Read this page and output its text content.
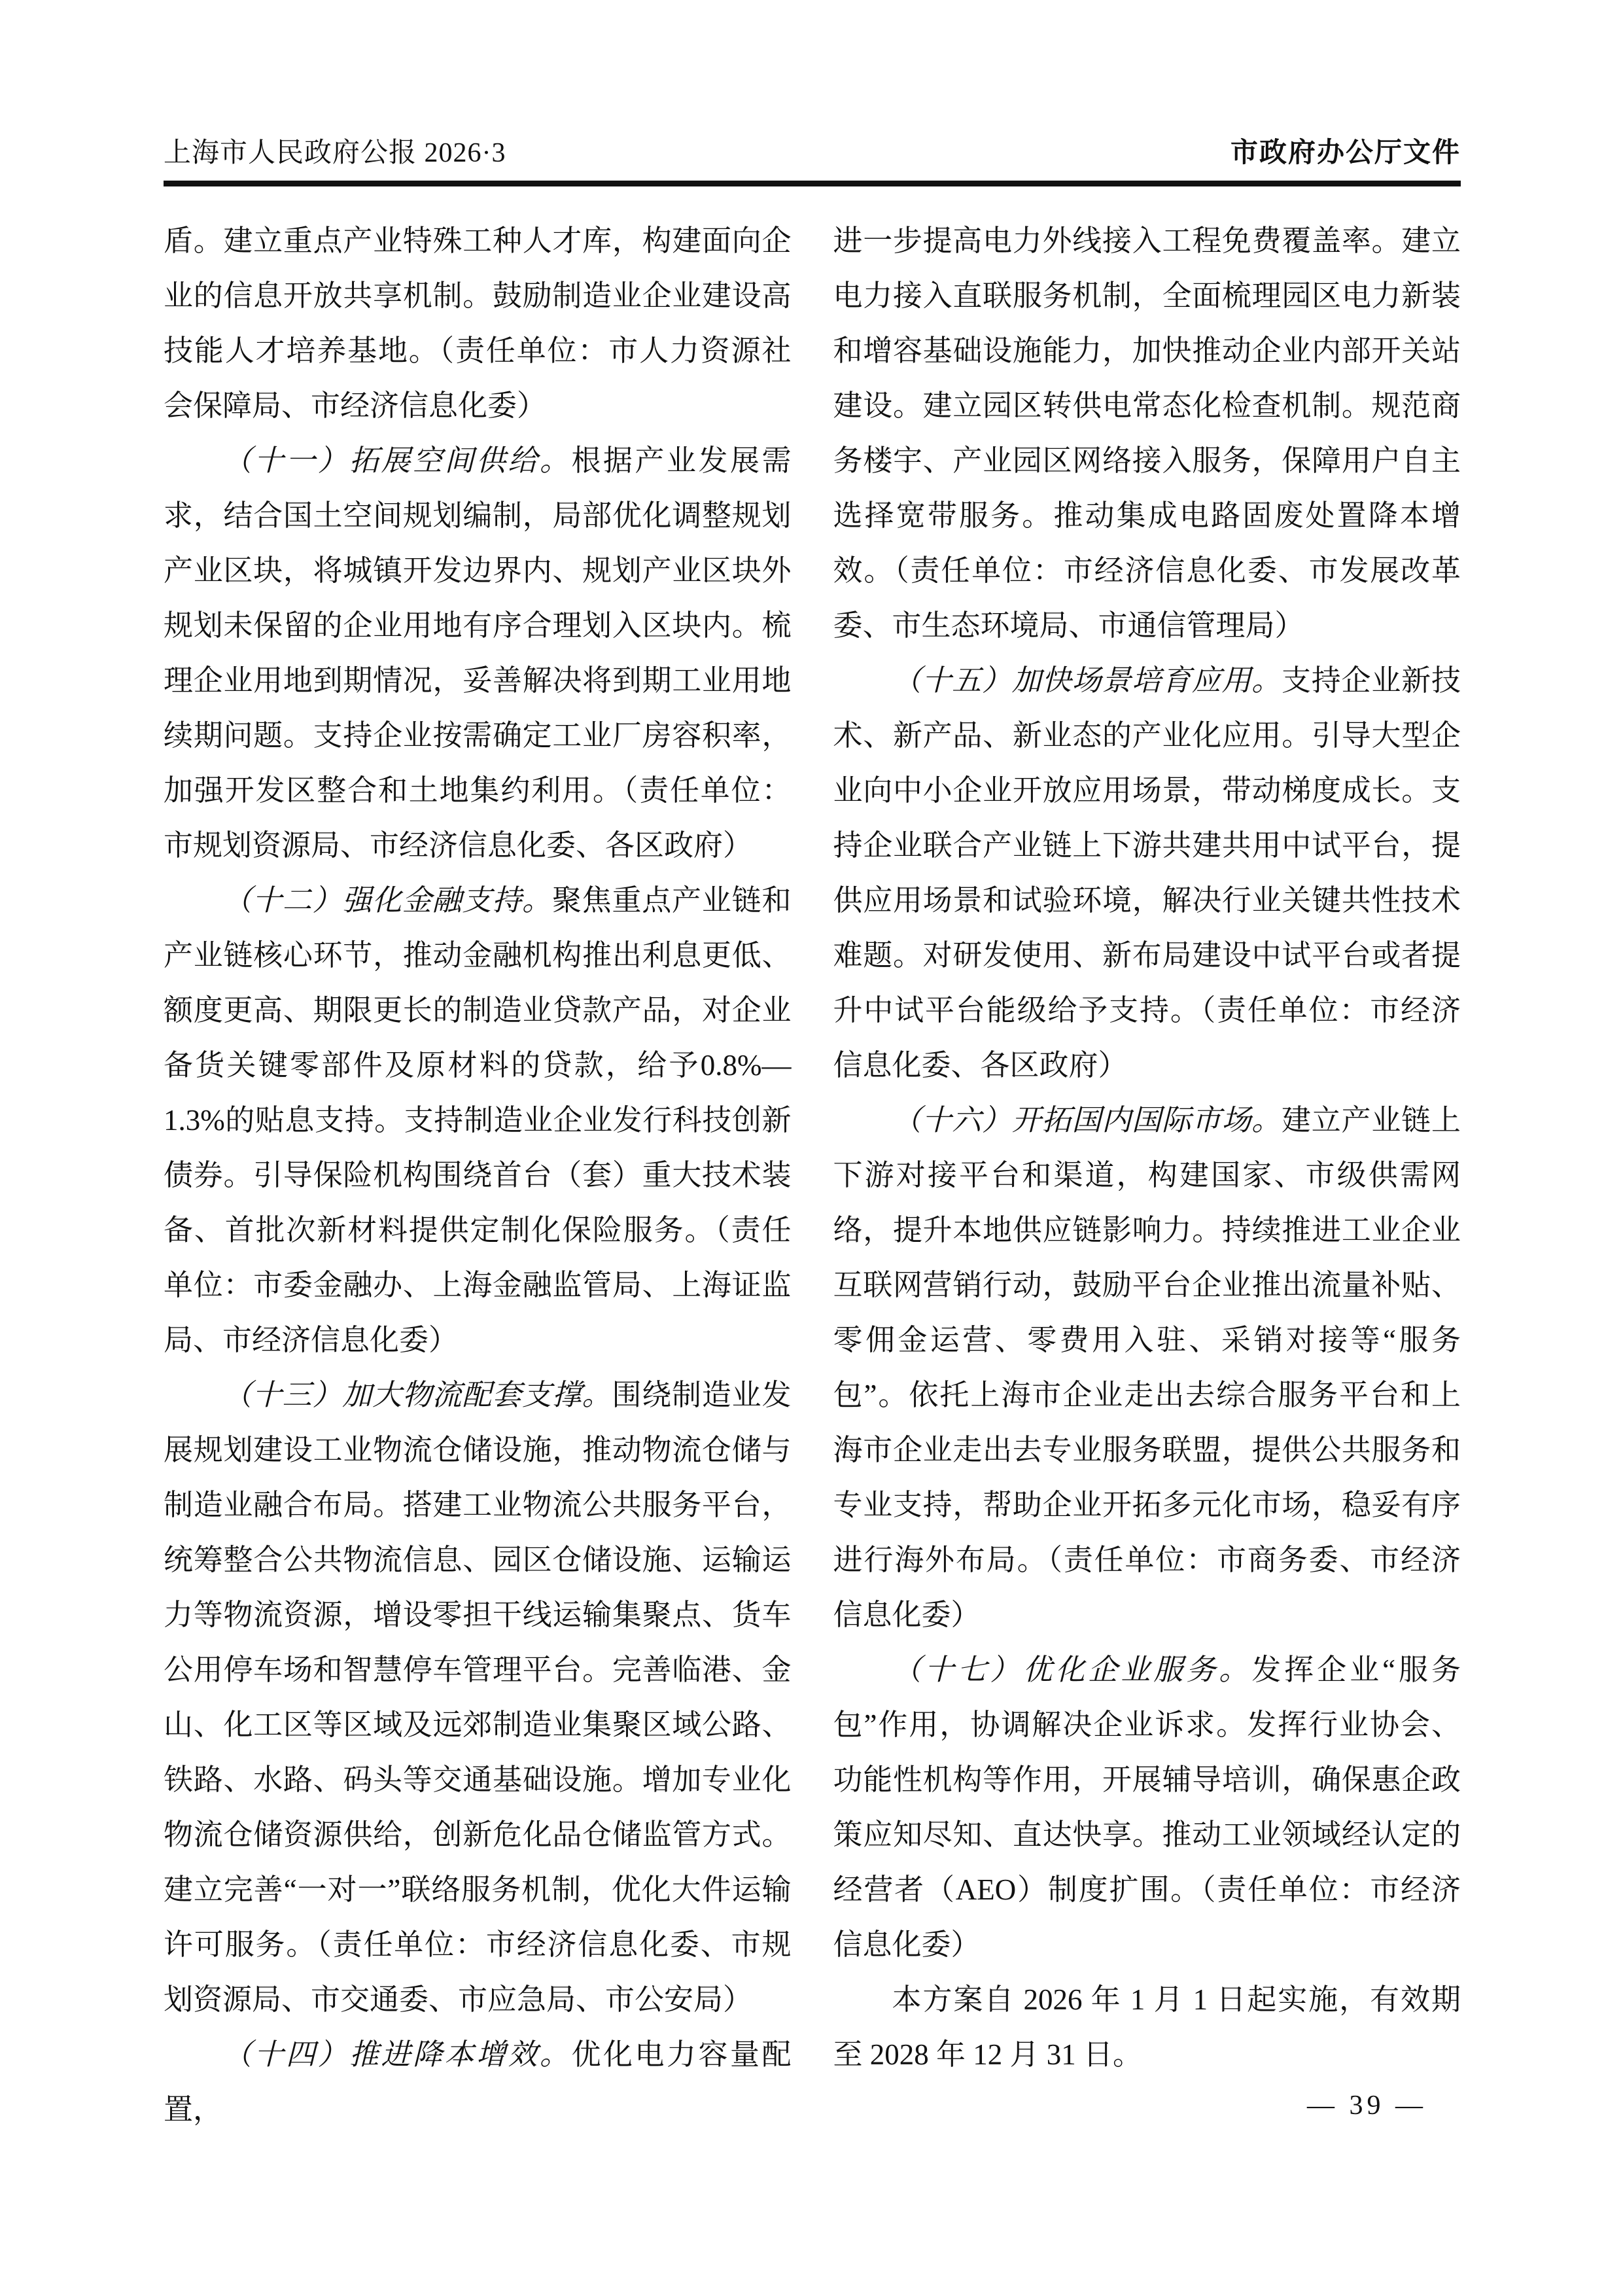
上海市人民政府公报 2026·3	市政府办公厅文件

盾。建立重点产业特殊工种人才库，构建面向企业的信息开放共享机制。鼓励制造业企业建设高技能人才培养基地。（责任单位：市人力资源社会保障局、市经济信息化委）

（十一）拓展空间供给。根据产业发展需求，结合国土空间规划编制，局部优化调整规划产业区块，将城镇开发边界内、规划产业区块外规划未保留的企业用地有序合理划入区块内。梳理企业用地到期情况，妥善解决将到期工业用地续期问题。支持企业按需确定工业厂房容积率，加强开发区整合和土地集约利用。（责任单位：市规划资源局、市经济信息化委、各区政府）

（十二）强化金融支持。聚焦重点产业链和产业链核心环节，推动金融机构推出利息更低、额度更高、期限更长的制造业贷款产品，对企业备货关键零部件及原材料的贷款，给予0.8%—1.3%的贴息支持。支持制造业企业发行科技创新债券。引导保险机构围绕首台（套）重大技术装备、首批次新材料提供定制化保险服务。（责任单位：市委金融办、上海金融监管局、上海证监局、市经济信息化委）

（十三）加大物流配套支撑。围绕制造业发展规划建设工业物流仓储设施，推动物流仓储与制造业融合布局。搭建工业物流公共服务平台，统筹整合公共物流信息、园区仓储设施、运输运力等物流资源，增设零担干线运输集聚点、货车公用停车场和智慧停车管理平台。完善临港、金山、化工区等区域及远郊制造业集聚区域公路、铁路、水路、码头等交通基础设施。增加专业化物流仓储资源供给，创新危化品仓储监管方式。建立完善“一对一”联络服务机制，优化大件运输许可服务。（责任单位：市经济信息化委、市规划资源局、市交通委、市应急局、市公安局）

（十四）推进降本增效。优化电力容量配置，

进一步提高电力外线接入工程免费覆盖率。建立电力接入直联服务机制，全面梳理园区电力新装和增容基础设施能力，加快推动企业内部开关站建设。建立园区转供电常态化检查机制。规范商务楼宇、产业园区网络接入服务，保障用户自主选择宽带服务。推动集成电路固废处置降本增效。（责任单位：市经济信息化委、市发展改革委、市生态环境局、市通信管理局）

（十五）加快场景培育应用。支持企业新技术、新产品、新业态的产业化应用。引导大型企业向中小企业开放应用场景，带动梯度成长。支持企业联合产业链上下游共建共用中试平台，提供应用场景和试验环境，解决行业关键共性技术难题。对研发使用、新布局建设中试平台或者提升中试平台能级给予支持。（责任单位：市经济信息化委、各区政府）

（十六）开拓国内国际市场。建立产业链上下游对接平台和渠道，构建国家、市级供需网络，提升本地供应链影响力。持续推进工业企业互联网营销行动，鼓励平台企业推出流量补贴、零佣金运营、零费用入驻、采销对接等“服务包”。依托上海市企业走出去综合服务平台和上海市企业走出去专业服务联盟，提供公共服务和专业支持，帮助企业开拓多元化市场，稳妥有序进行海外布局。（责任单位：市商务委、市经济信息化委）

（十七）优化企业服务。发挥企业“服务包”作用，协调解决企业诉求。发挥行业协会、功能性机构等作用，开展辅导培训，确保惠企政策应知尽知、直达快享。推动工业领域经认定的经营者（AEO）制度扩围。（责任单位：市经济信息化委）

本方案自 2026 年 1 月 1 日起实施，有效期至 2028 年 12 月 31 日。

— 39 —
